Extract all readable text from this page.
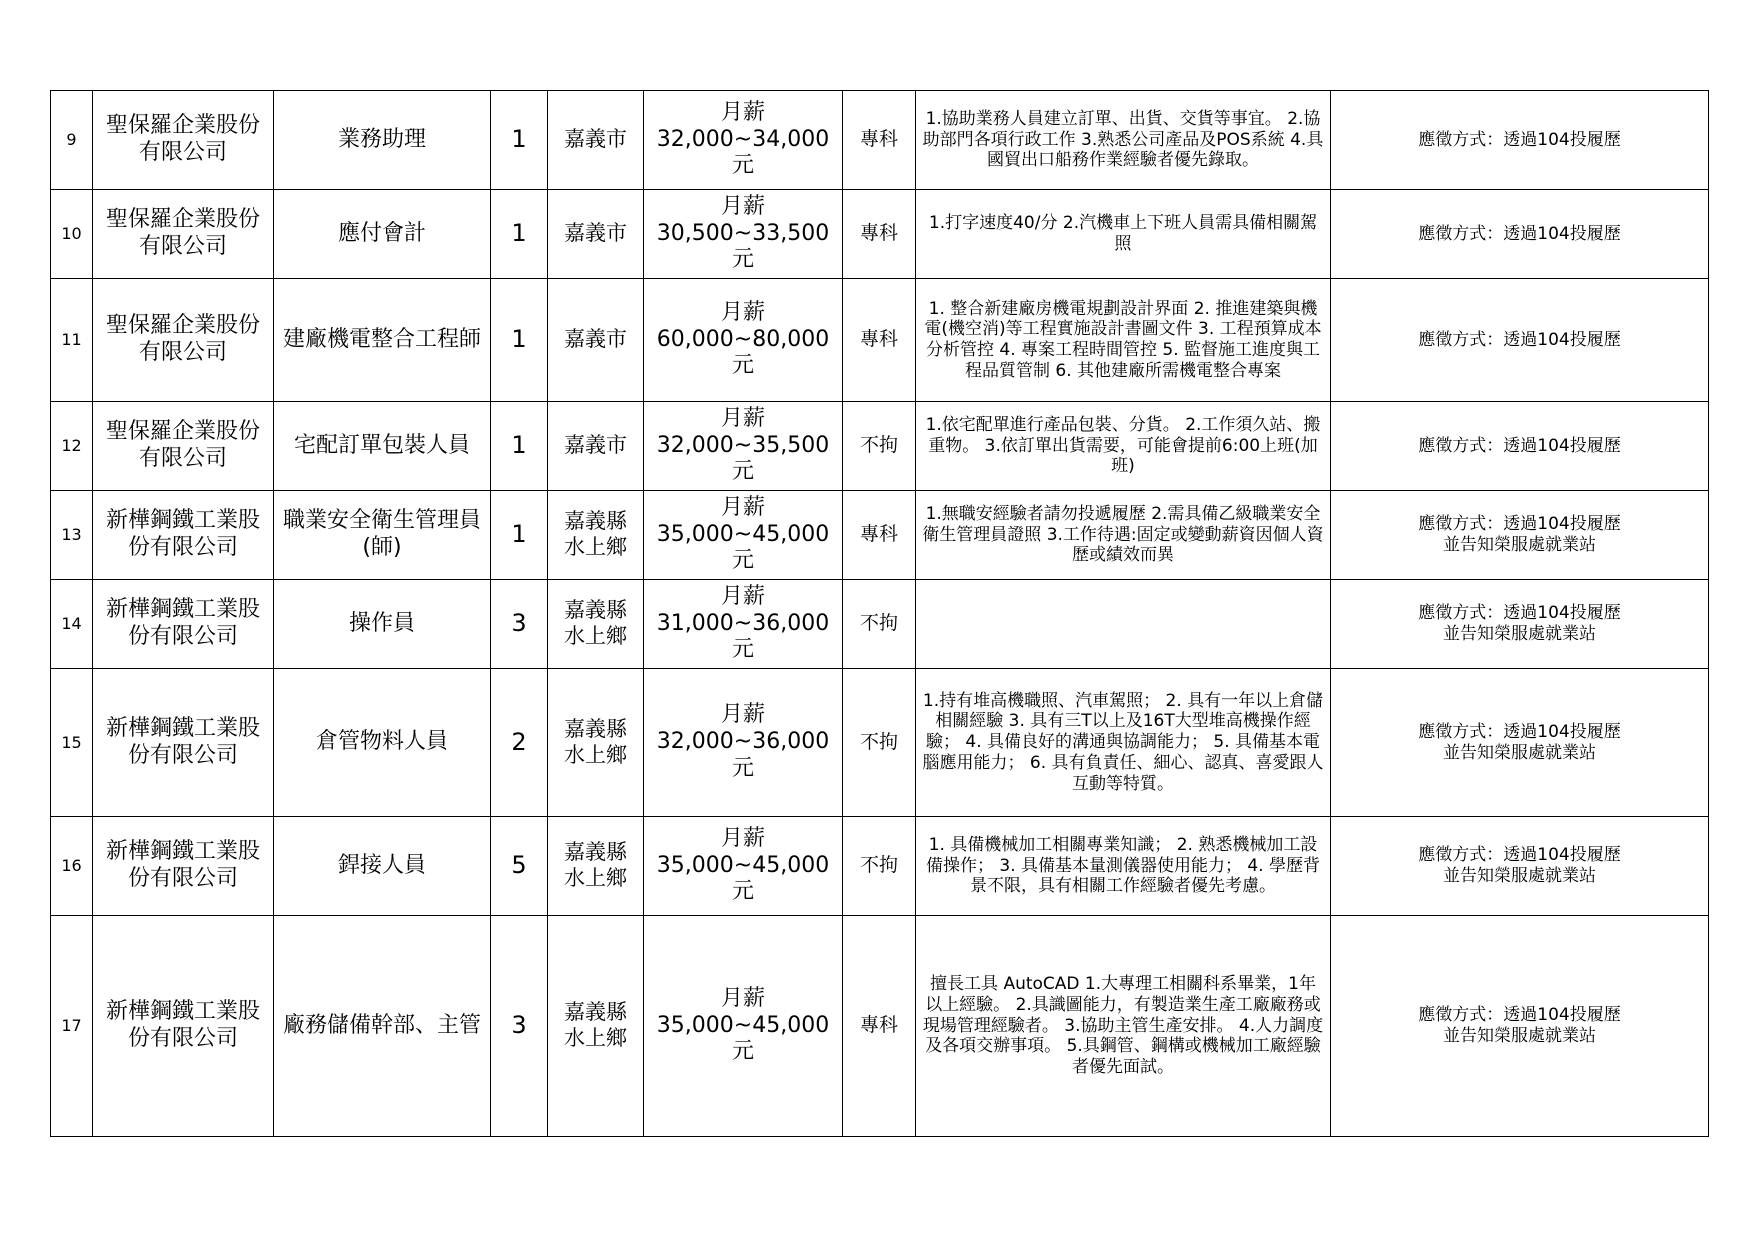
9	聖保羅企業股份有限公司	業務助理	1	嘉義市	月薪
32,000~34,000元	專科	1.協助業務人員建立訂單、出貨、交貨等事宜。 2.協助部門各項行政工作 3.熟悉公司產品及POS系統 4.具國貿出口船務作業經驗者優先錄取。	應徵方式：透過104投履歷

10	聖保羅企業股份有限公司	應付會計	1	嘉義市	月薪
30,500~33,500元	專科	1.打字速度40/分 2.汽機車上下班人員需具備相關駕照	應徵方式：透過104投履歷

11	聖保羅企業股份有限公司	建廠機電整合工程師	1	嘉義市	月薪
60,000~80,000元	專科	1. 整合新建廠房機電規劃設計界面 2. 推進建築與機電(機空消)等工程實施設計書圖文件 3. 工程預算成本分析管控 4. 專案工程時間管控 5. 監督施工進度與工程品質管制 6. 其他建廠所需機電整合專案	應徵方式：透過104投履歷

12	聖保羅企業股份有限公司	宅配訂單包裝人員	1	嘉義市	月薪
32,000~35,500元	不拘	1.依宅配單進行產品包裝、分貨。 2.工作須久站、搬重物。 3.依訂單出貨需要，可能會提前6:00上班(加班)	應徵方式：透過104投履歷

13	新樺鋼鐵工業股份有限公司	職業安全衛生管理員(師)	1	嘉義縣水上鄉	月薪
35,000~45,000元	專科	1.無職安經驗者請勿投遞履歷 2.需具備乙級職業安全衛生管理員證照 3.工作待遇:固定或變動薪資因個人資歷或績效而異	應徵方式：透過104投履歷
並告知榮服處就業站

14	新樺鋼鐵工業股份有限公司	操作員	3	嘉義縣水上鄉	月薪
31,000~36,000元	不拘		應徵方式：透過104投履歷
並告知榮服處就業站

15	新樺鋼鐵工業股份有限公司	倉管物料人員	2	嘉義縣水上鄉	月薪
32,000~36,000元	不拘	1.持有堆高機職照、汽車駕照； 2. 具有一年以上倉儲相關經驗 3. 具有三T以上及16T大型堆高機操作經驗； 4. 具備良好的溝通與協調能力； 5. 具備基本電腦應用能力； 6. 具有負責任、細心、認真、喜愛跟人互動等特質。	應徵方式：透過104投履歷
並告知榮服處就業站

16	新樺鋼鐵工業股份有限公司	銲接人員	5	嘉義縣水上鄉	月薪
35,000~45,000元	不拘	1. 具備機械加工相關專業知識； 2. 熟悉機械加工設備操作； 3. 具備基本量測儀器使用能力； 4. 學歷背景不限，具有相關工作經驗者優先考慮。	應徵方式：透過104投履歷
並告知榮服處就業站

17	新樺鋼鐵工業股份有限公司	廠務儲備幹部、主管	3	嘉義縣水上鄉	月薪
35,000~45,000元	專科	擅長工具 AutoCAD 1.大專理工相關科系畢業，1年以上經驗。 2.具識圖能力，有製造業生產工廠廠務或現場管理經驗者。 3.協助主管生產安排。 4.人力調度及各項交辦事項。 5.具鋼管、鋼構或機械加工廠經驗者優先面試。	應徵方式：透過104投履歷
並告知榮服處就業站
